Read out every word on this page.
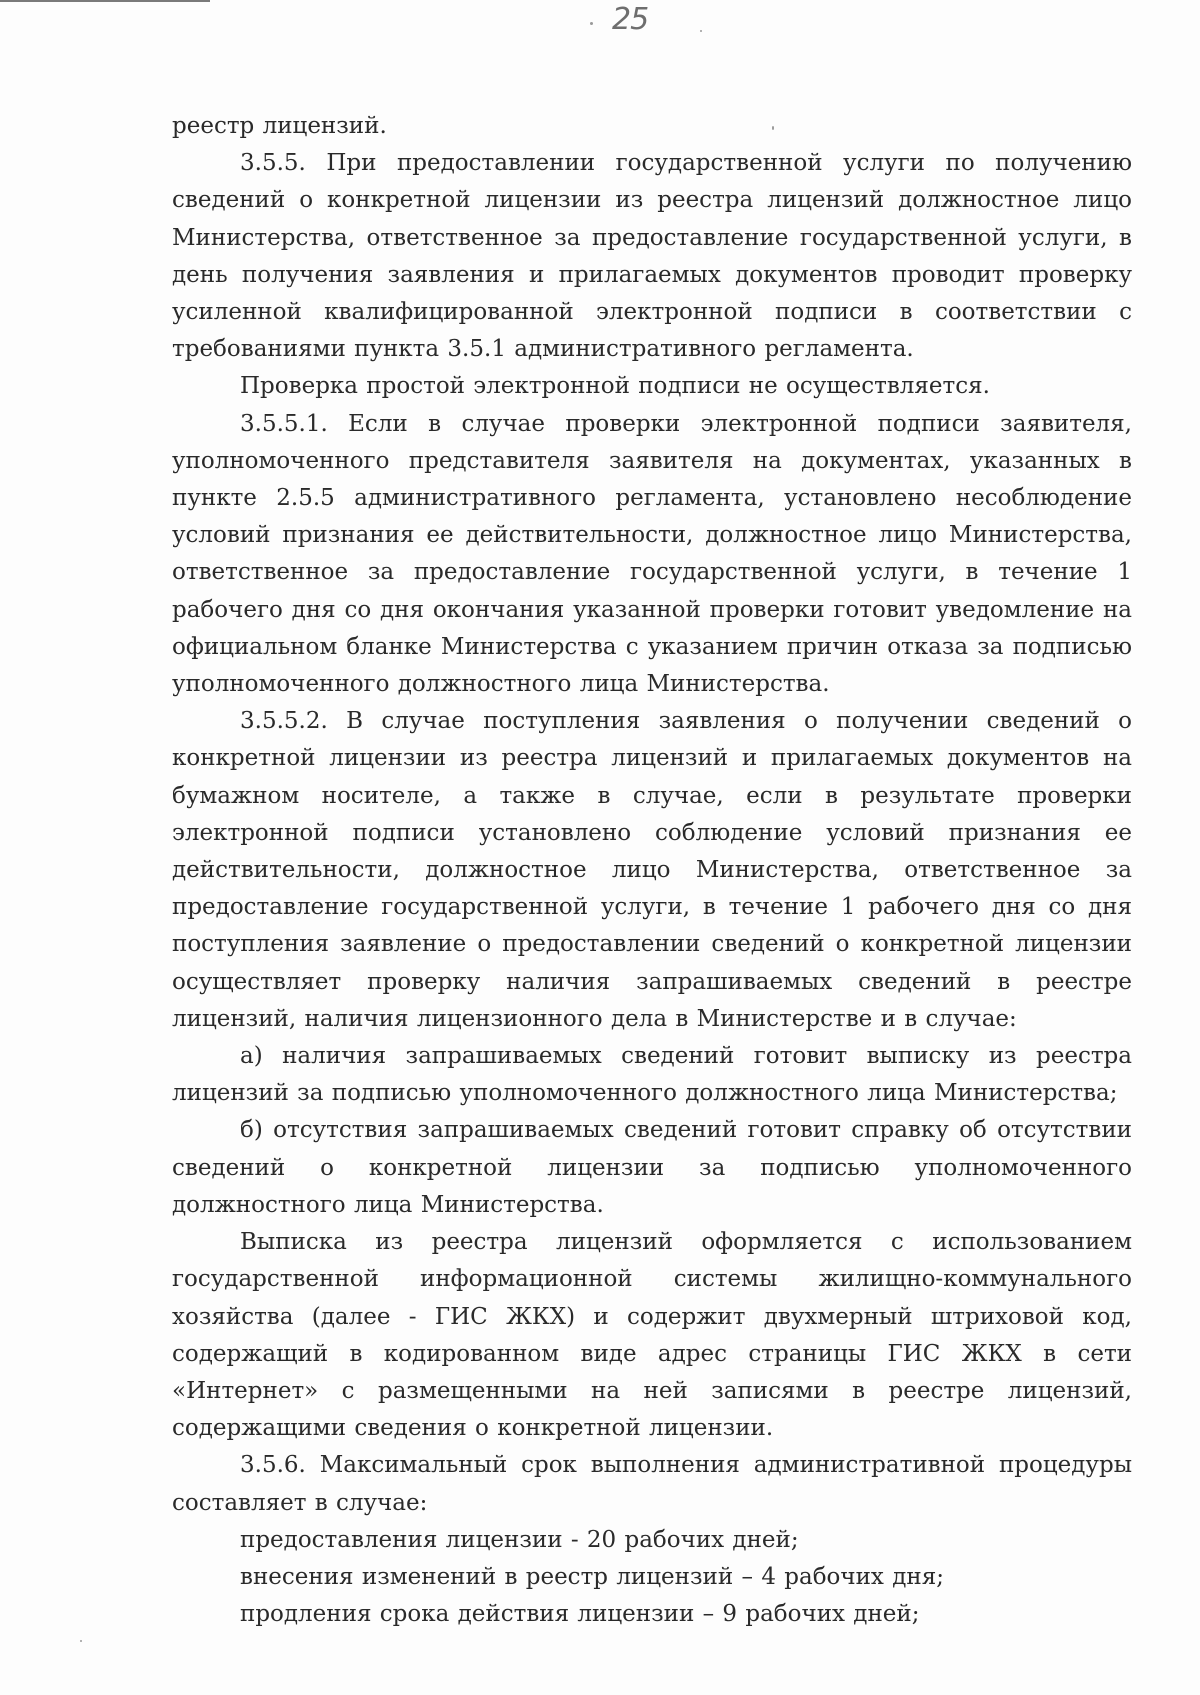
25

реестр лицензий.

3.5.5. При предоставлении государственной услуги по получению сведений о конкретной лицензии из реестра лицензий должностное лицо Министерства, ответственное за предоставление государственной услуги, в день получения заявления и прилагаемых документов проводит проверку усиленной квалифицированной электронной подписи в соответствии с требованиями пункта 3.5.1 административного регламента.

Проверка простой электронной подписи не осуществляется.

3.5.5.1. Если в случае проверки электронной подписи заявителя, уполномоченного представителя заявителя на документах, указанных в пункте 2.5.5 административного регламента, установлено несоблюдение условий признания ее действительности, должностное лицо Министерства, ответственное за предоставление государственной услуги, в течение 1 рабочего дня со дня окончания указанной проверки готовит уведомление на официальном бланке Министерства с указанием причин отказа за подписью уполномоченного должностного лица Министерства.

3.5.5.2. В случае поступления заявления о получении сведений о конкретной лицензии из реестра лицензий и прилагаемых документов на бумажном носителе, а также в случае, если в результате проверки электронной подписи установлено соблюдение условий признания ее действительности, должностное лицо Министерства, ответственное за предоставление государственной услуги, в течение 1 рабочего дня со дня поступления заявление о предоставлении сведений о конкретной лицензии осуществляет проверку наличия запрашиваемых сведений в реестре лицензий, наличия лицензионного дела в Министерстве и в случае:

а) наличия запрашиваемых сведений готовит выписку из реестра лицензий за подписью уполномоченного должностного лица Министерства;

б) отсутствия запрашиваемых сведений готовит справку об отсутствии сведений о конкретной лицензии за подписью уполномоченного должностного лица Министерства.

Выписка из реестра лицензий оформляется с использованием государственной информационной системы жилищно-коммунального хозяйства (далее - ГИС ЖКХ) и содержит двухмерный штриховой код, содержащий в кодированном виде адрес страницы ГИС ЖКХ в сети «Интернет» с размещенными на ней записями в реестре лицензий, содержащими сведения о конкретной лицензии.

3.5.6. Максимальный срок выполнения административной процедуры составляет в случае:

предоставления лицензии - 20 рабочих дней;

внесения изменений в реестр лицензий – 4 рабочих дня;

продления срока действия лицензии – 9 рабочих дней;
